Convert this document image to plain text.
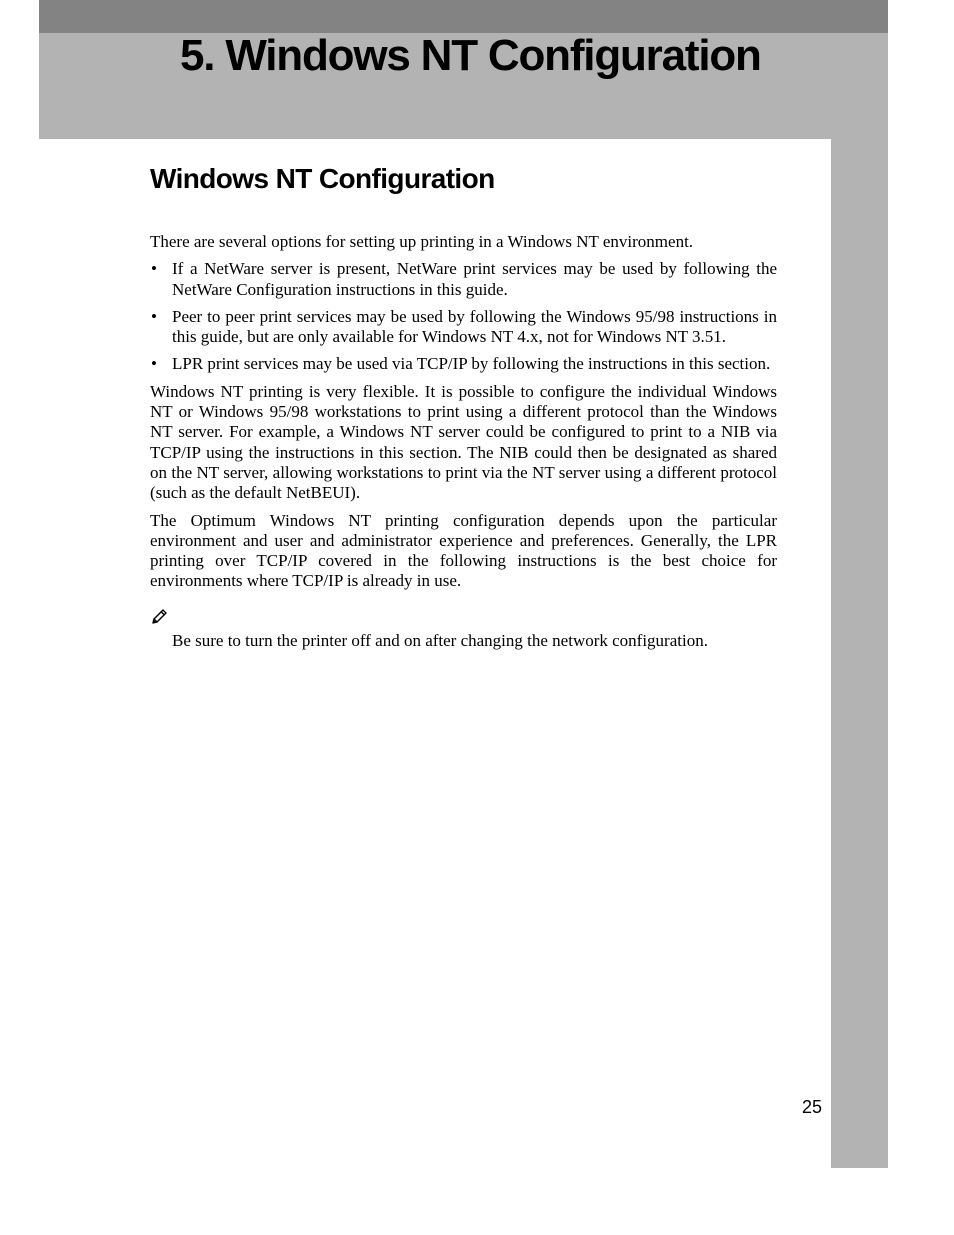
5. Windows NT Configuration
Windows NT Configuration

There are several options for setting up printing in a Windows NT environment.

• If a NetWare server is present, NetWare print services may be used by following the NetWare Configuration instructions in this guide.
• Peer to peer print services may be used by following the Windows 95/98 instructions in this guide, but are only available for Windows NT 4.x, not for Windows NT 3.51.
• LPR print services may be used via TCP/IP by following the instructions in this section.

Windows NT printing is very flexible. It is possible to configure the individual Windows NT or Windows 95/98 workstations to print using a different protocol than the Windows NT server. For example, a Windows NT server could be configured to print to a NIB via TCP/IP using the instructions in this section. The NIB could then be designated as shared on the NT server, allowing workstations to print via the NT server using a different protocol (such as the default NetBEUI).

The Optimum Windows NT printing configuration depends upon the particular environment and user and administrator experience and preferences. Generally, the LPR printing over TCP/IP covered in the following instructions is the best choice for environments where TCP/IP is already in use.

Be sure to turn the printer off and on after changing the network configuration.

25
